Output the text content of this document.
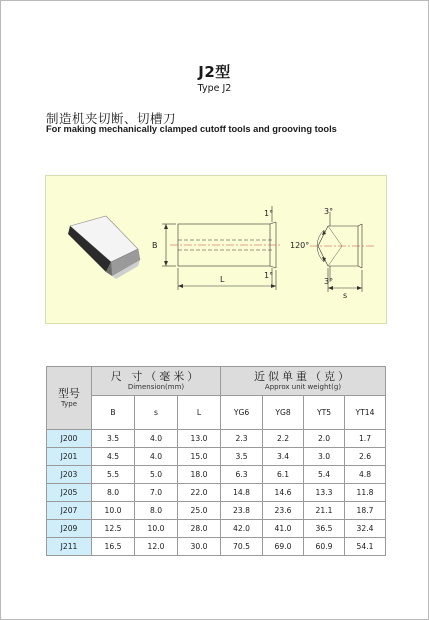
J2型
Type J2
制造机夹切断、切槽刀
For making mechanically clamped cutoff tools and grooving tools
B
L
1°
1°
3°
3°
120°
s
型号
Type	尺 寸（毫米）
Dimension(mm)			近似单重（克）
Approx unit weight(g)			

	B	s	L	YG6	YG8	YT5	YT14
J200	3.5	4.0	13.0	2.3	2.2	2.0	1.7
J201	4.5	4.0	15.0	3.5	3.4	3.0	2.6
J203	5.5	5.0	18.0	6.3	6.1	5.4	4.8
J205	8.0	7.0	22.0	14.8	14.6	13.3	11.8
J207	10.0	8.0	25.0	23.8	23.6	21.1	18.7
J209	12.5	10.0	28.0	42.0	41.0	36.5	32.4
J211	16.5	12.0	30.0	70.5	69.0	60.9	54.1
